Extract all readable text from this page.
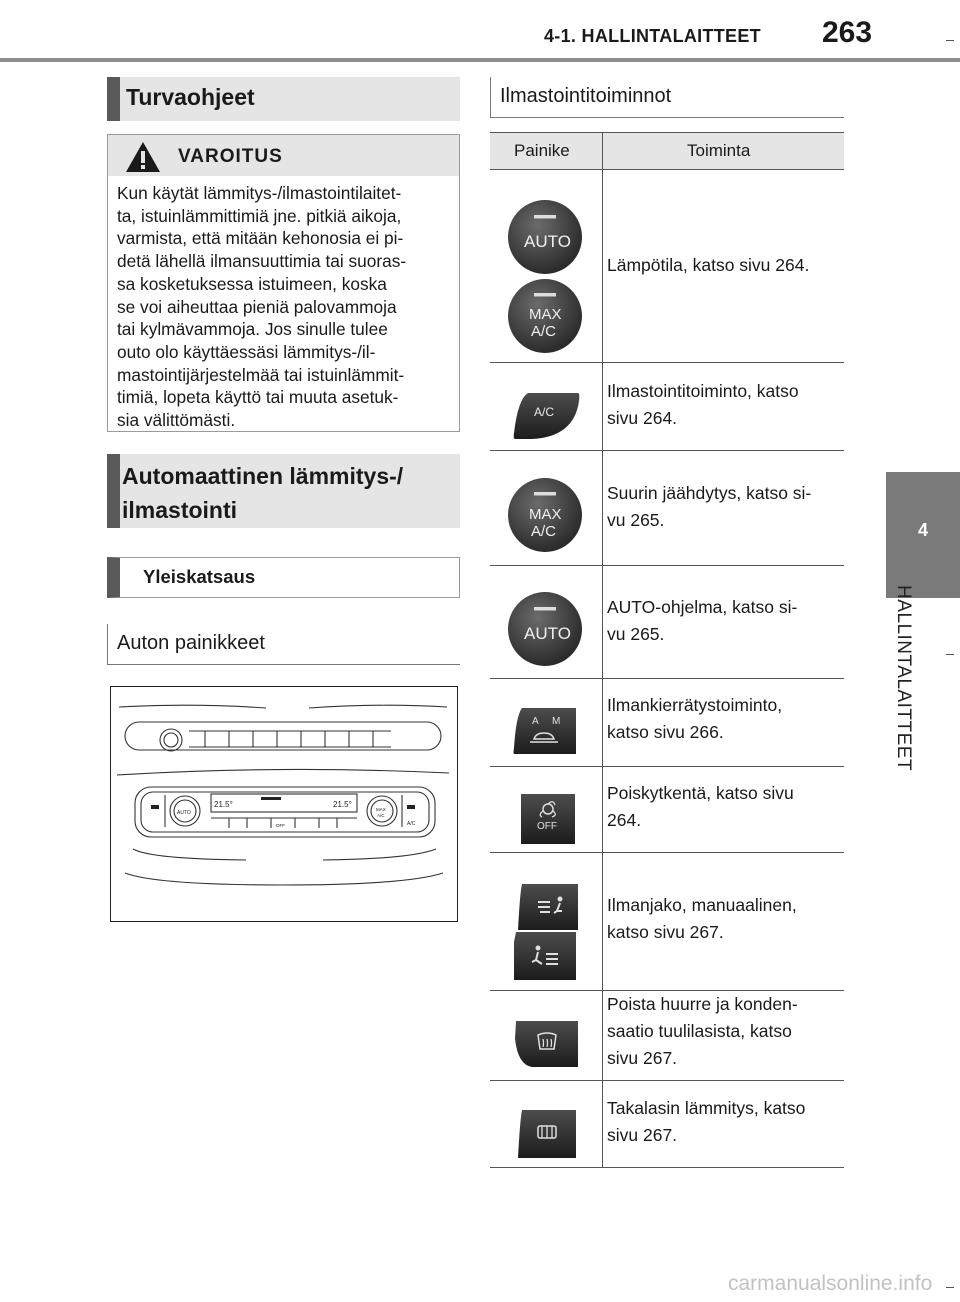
4-1. HALLINTALAITTEET 263
4
HALLINTALAITTEET
Turvaohjeet
VAROITUS
Kun käytät lämmitys-/ilmastointilaitet-
ta, istuinlämmittimiä jne. pitkiä aikoja,
varmista, että mitään kehonosia ei pi-
detä lähellä ilmansuuttimia tai suoras-
sa kosketuksessa istuimeen, koska
se voi aiheuttaa pieniä palovammoja
tai kylmävammoja. Jos sinulle tulee
outo olo käyttäessäsi lämmitys-/il-
mastointijärjestelmää tai istuinlämmit-
timiä, lopeta käyttö tai muuta asetuk-
sia välittömästi.
Automaattinen lämmitys-/
ilmastointi
Yleiskatsaus
Auton painikkeet
21.5°	21.5°
AUTO
MAX
A/C
A/C
OFF
Ilmastointitoiminnot
Painike	Toiminta
Lämpötila, katso sivu 264.
AUTO
MAX
A/C
Ilmastointitoiminto, katso
sivu 264.
A/C
Suurin jäähdytys, katso si-
vu 265.
MAX
A/C
AUTO-ohjelma, katso si-
vu 265.
AUTO
Ilmankierrätystoiminto,
katso sivu 266.
A M
Poiskytkentä, katso sivu
264.
OFF
Ilmanjako, manuaalinen,
katso sivu 267.
Poista huurre ja konden-
saatio tuulilasista, katso
sivu 267.
Takalasin lämmitys, katso
sivu 267.
carmanualsonline.info
